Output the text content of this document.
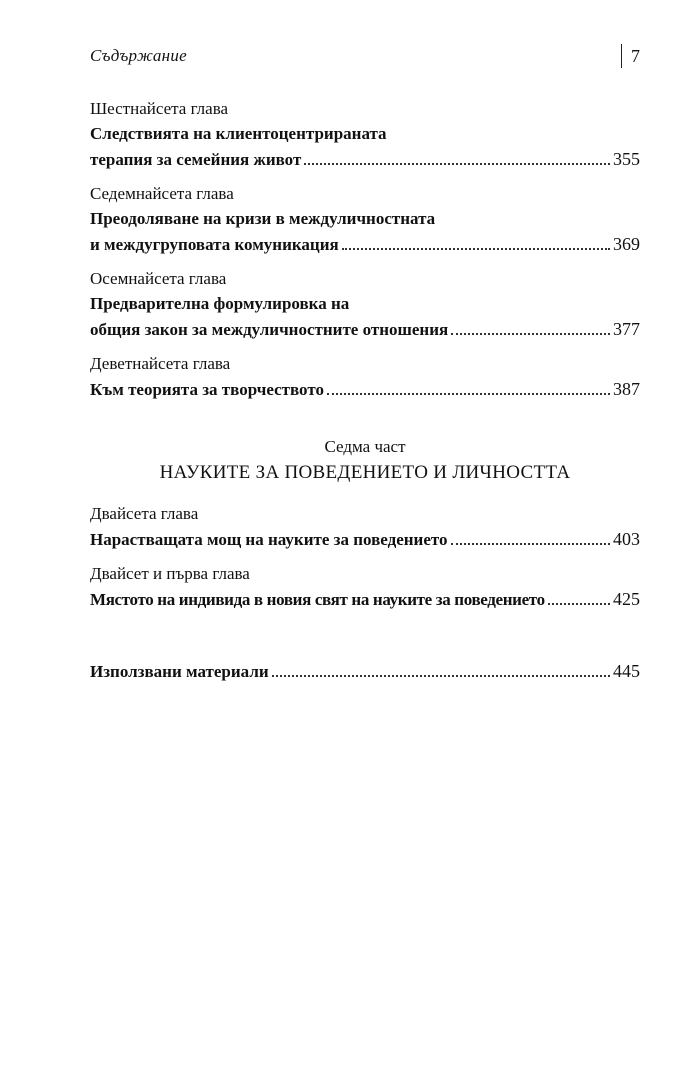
Съдържание	7
Шестнайсета глава
Следствията на клиентоцентрираната
терапия за семейния живот	355
Седемнайсета глава
Преодоляване на кризи в междуличностната
и междугруповата комуникация	369
Осемнайсета глава
Предварителна формулировка на
общия закон за междуличностните отношения	377
Деветнайсета глава
Към теорията за творчеството	387
Седма част
НАУКИТЕ ЗА ПОВЕДЕНИЕТО И ЛИЧНОСТТА
Двайсета глава
Нарастващата мощ на науките за поведението	403
Двайсет и първа глава
Мястото на индивида в новия свят на науките за поведението	425
Използвани материали	445
